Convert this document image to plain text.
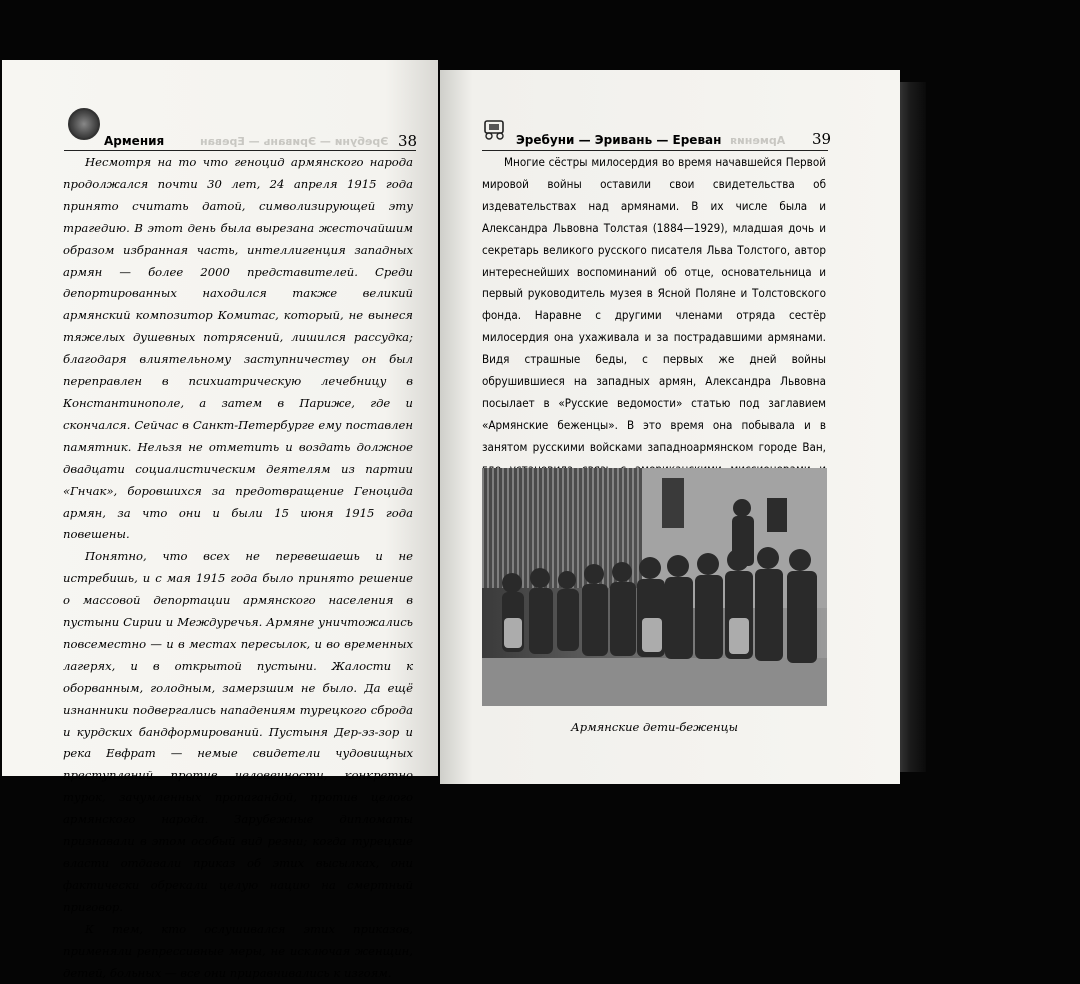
Армения	Эребуни — Эривань — Ереван 38

Несмотря на то что геноцид армянского народа продолжался почти 30 лет, 24 апреля 1915 года принято считать датой, символизирующей эту трагедию. В этот день была вырезана жесточайшим образом избранная часть, интеллигенция западных армян — более 2000 представителей. Среди депортированных находился также великий армянский композитор Комитас, который, не вынеся тяжелых душевных потрясений, лишился рассудка; благодаря влиятельному заступничеству он был переправлен в психиатрическую лечебницу в Константинополе, а затем в Париже, где и скончался. Сейчас в Санкт-Петербурге ему поставлен памятник. Нельзя не отметить и воздать должное двадцати социалистическим деятелям из партии «Гнчак», боровшихся за предотвращение Геноцида армян, за что они и были 15 июня 1915 года повешены.

Понятно, что всех не перевешаешь и не истребишь, и с мая 1915 года было принято решение о массовой депортации армянского населения в пустыни Сирии и Междуречья. Армяне уничтожались повсеместно — и в местах пересылок, и во временных лагерях, и в открытой пустыни. Жалости к оборванным, голодным, замерзшим не было. Да ещё изнанники подвергались нападениям турецкого сброда и курдских бандформирований. Пустыня Дер-эз-зор и река Евфрат — немые свидетели чудовищных преступлений против человечности, конкретно турок, зачумленных пропагандой, против целого армянского народа. Зарубежные дипломаты признавали в этом особый вид резни; когда турецкие власти отдавали приказ об этих высылках, они фактически обрекали целую нацию на смертный приговор.

К тем, кто ослушивался этих приказов, применяли репрессивные меры, не исключая женщин, детей, больных — все они приравнивались к изгоям.

Эребуни — Эривань — Ереван Армения 39

Многие сёстры милосердия во время начавшейся Первой мировой войны оставили свои свидетельства об издевательствах над армянами. В их числе была и Александра Львовна Толстая (1884—1929), младшая дочь и секретарь великого русского писателя Льва Толстого, автор интереснейших воспоминаний об отце, основательница и первый руководитель музея в Ясной Поляне и Толстовского фонда. Наравне с другими членами отряда сестёр милосердия она ухаживала и за пострадавшими армянами. Видя страшные беды, с первых же дней войны обрушившиеся на западных армян, Александра Львовна посылает в «Русские ведомости» статью под заглавием «Армянские беженцы». В это время она побывала и в занятом русскими войсками западноармянском городе Ван,

Армянские дети-беженцы
